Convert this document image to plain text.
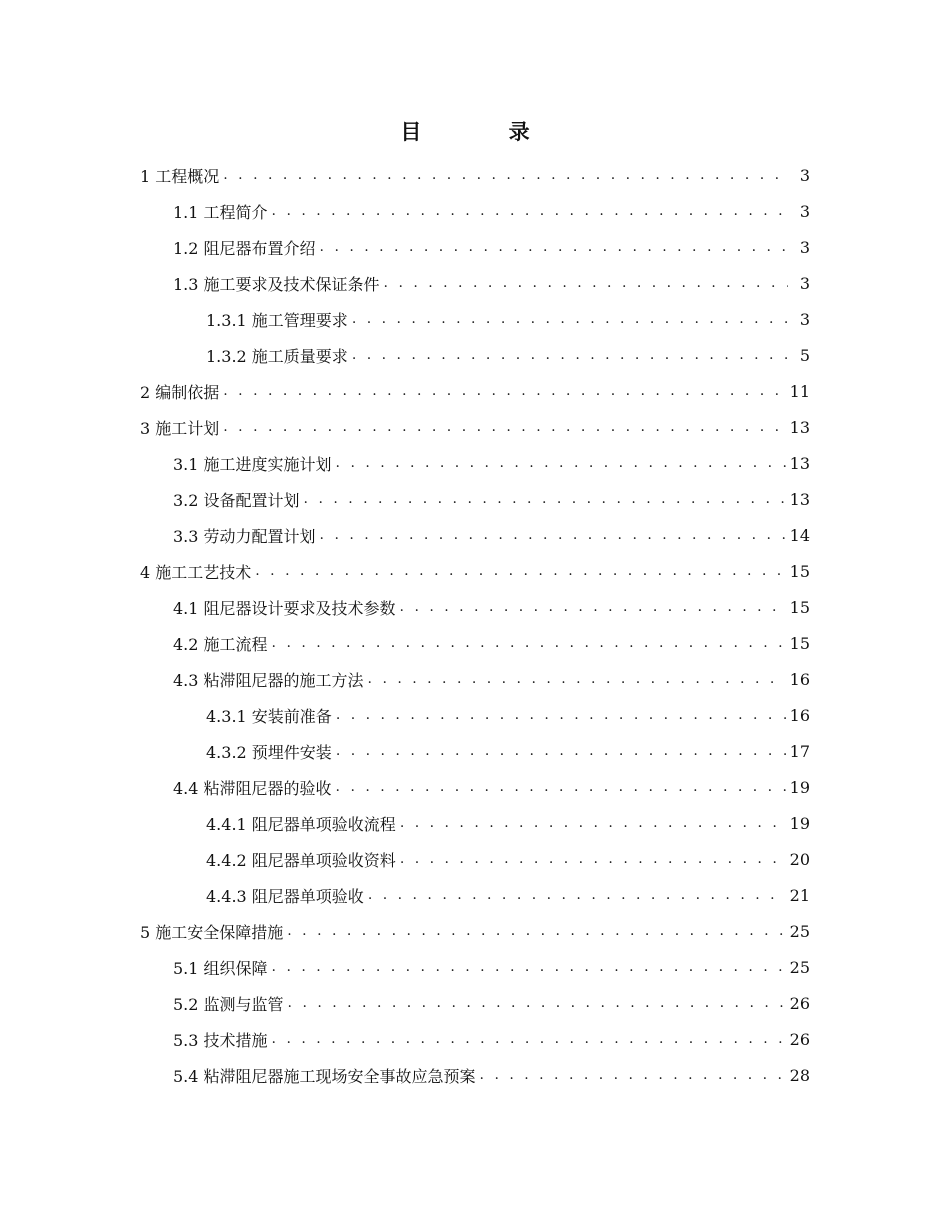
目 录
1 工程概况 . . .	3
1.1 工程简介 . . .	3
1.2 阻尼器布置介绍 . . .	3
1.3 施工要求及技术保证条件 . . .	3
1.3.1 施工管理要求 . . .	3
1.3.2 施工质量要求 . . .	5
2 编制依据 . . .	11
3 施工计划 . . .	13
3.1 施工进度实施计划 . . .	13
3.2 设备配置计划 . . .	13
3.3 劳动力配置计划 . . .	14
4 施工工艺技术 . . .	15
4.1 阻尼器设计要求及技术参数 . . .	15
4.2 施工流程 . . .	15
4.3 粘滞阻尼器的施工方法 . . .	16
4.3.1 安装前准备 . . .	16
4.3.2 预埋件安装 . . .	17
4.4 粘滞阻尼器的验收 . . .	19
4.4.1 阻尼器单项验收流程 . . .	19
4.4.2 阻尼器单项验收资料 . . .	20
4.4.3 阻尼器单项验收 . . .	21
5 施工安全保障措施 . . .	25
5.1 组织保障 . . .	25
5.2 监测与监管 . . .	26
5.3 技术措施 . . .	26
5.4 粘滞阻尼器施工现场安全事故应急预案 . . .	28
